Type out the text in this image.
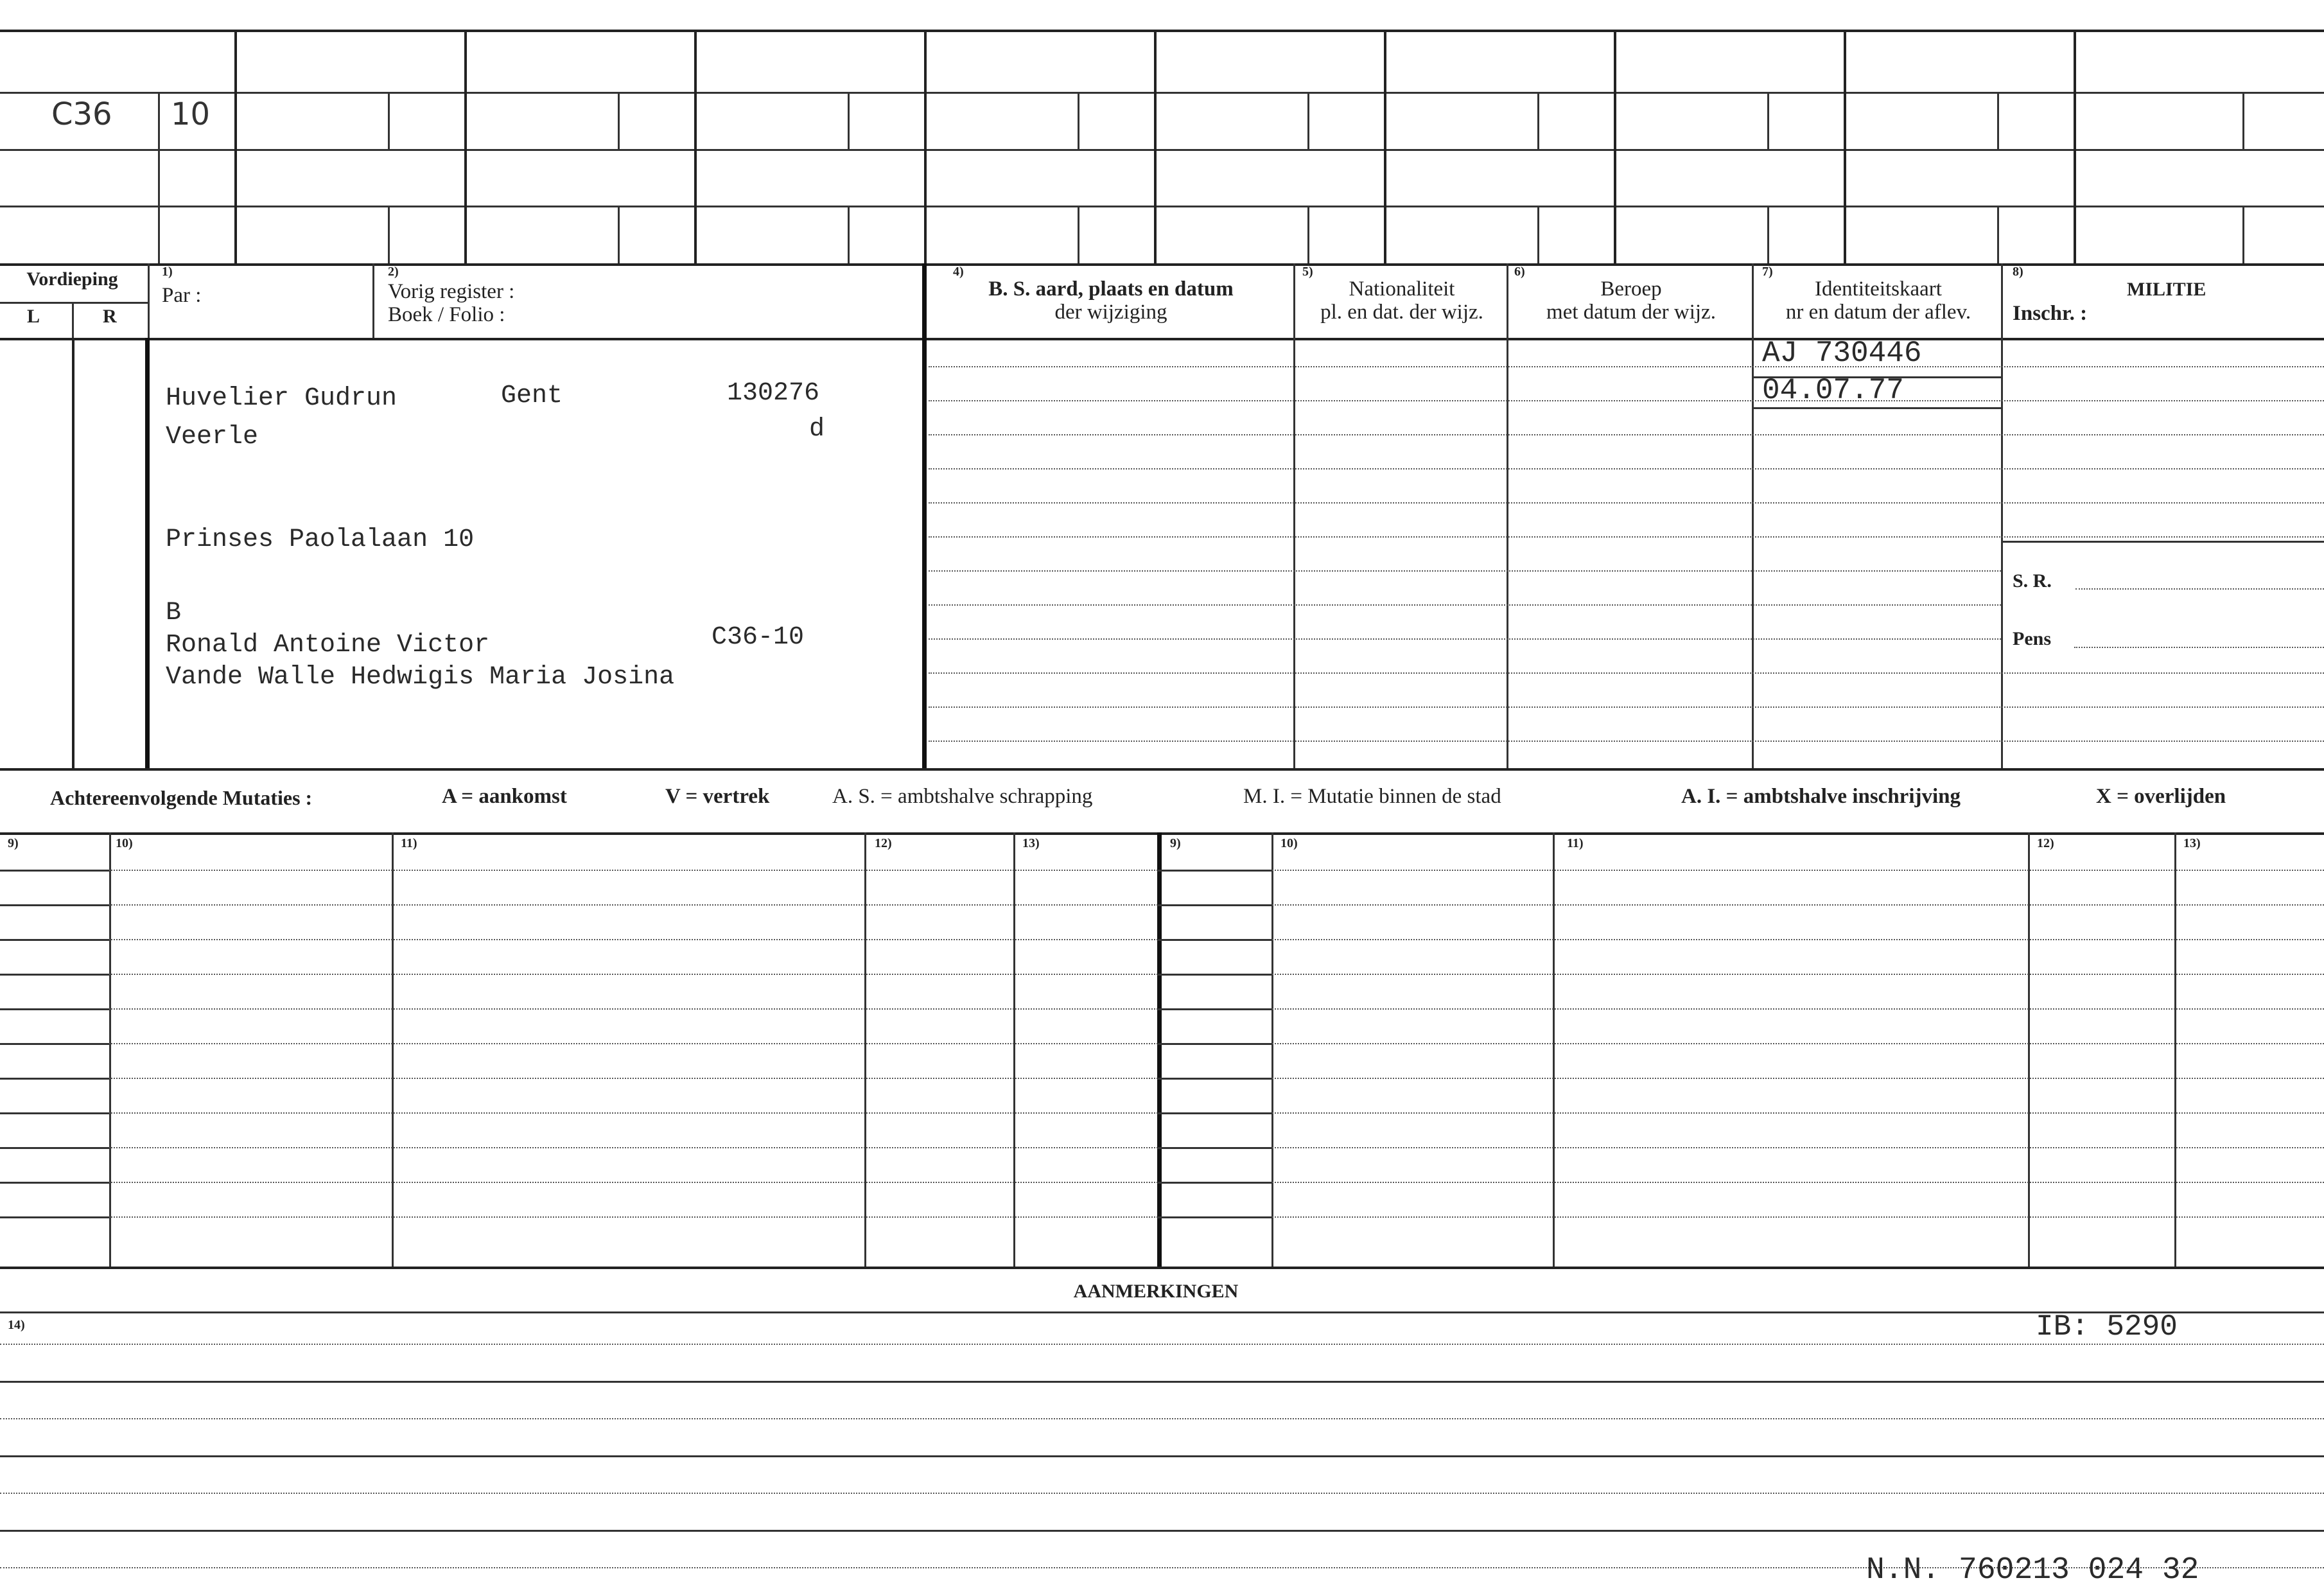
C36 10
Vordieping
L	R
1)
Par :
2)
Vorig register :
Boek / Folio :
4)
B. S. aard, plaats en datum
der wijziging
5)
Nationaliteit
pl. en dat. der wijz.
6)
Beroep
met datum der wijz.
7)
Identiteitskaart
nr en datum der aflev.
8)
MILITIE
Inschr. :
S. R.
Pens
Huvelier Gudrun	Gent	130276
Veerle	d
Prinses Paolalaan 10
B
Ronald Antoine Victor	C36-10
Vande Walle Hedwigis Maria Josina
AJ 730446
04.07.77
Achtereenvolgende Mutaties :	A = aankomst	V = vertrek	A. S. = ambtshalve schrapping	M. I. = Mutatie binnen de stad	A. I. = ambtshalve inschrijving	X = overlijden
9)	10)	11)	12)	13)	9)	10)	11)	12)	13)
AANMERKINGEN
14)	IB: 5290
N.N. 760213 024 32
